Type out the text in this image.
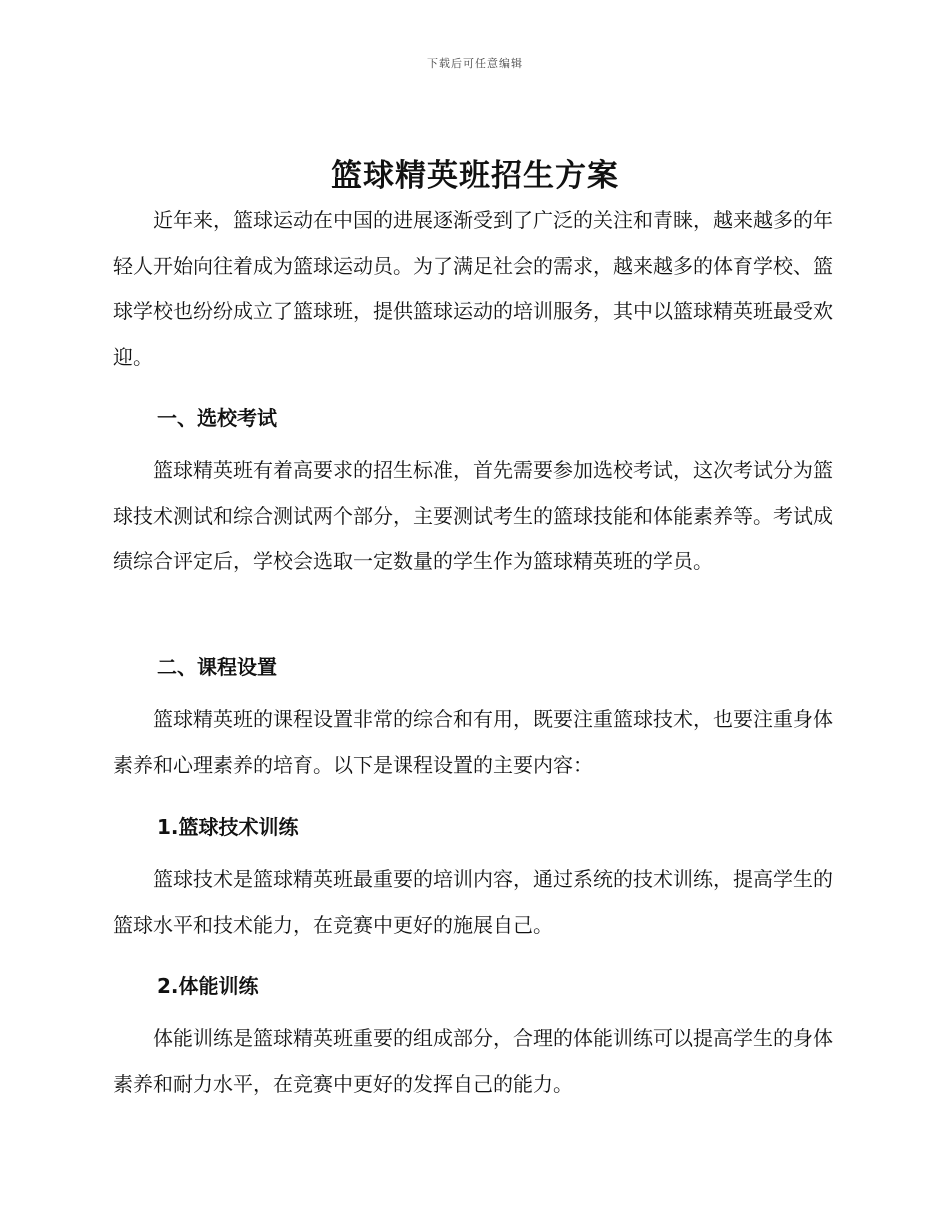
下载后可任意编辑
篮球精英班招生方案

近年来，篮球运动在中国的进展逐渐受到了广泛的关注和青睐，越来越多的年轻人开始向往着成为篮球运动员。为了满足社会的需求，越来越多的体育学校、篮球学校也纷纷成立了篮球班，提供篮球运动的培训服务，其中以篮球精英班最受欢迎。

一、选校考试

篮球精英班有着高要求的招生标准，首先需要参加选校考试，这次考试分为篮球技术测试和综合测试两个部分，主要测试考生的篮球技能和体能素养等。考试成绩综合评定后，学校会选取一定数量的学生作为篮球精英班的学员。

二、课程设置

篮球精英班的课程设置非常的综合和有用，既要注重篮球技术，也要注重身体素养和心理素养的培育。以下是课程设置的主要内容：

1.篮球技术训练

篮球技术是篮球精英班最重要的培训内容，通过系统的技术训练，提高学生的篮球水平和技术能力，在竞赛中更好的施展自己。

2.体能训练

体能训练是篮球精英班重要的组成部分，合理的体能训练可以提高学生的身体素养和耐力水平，在竞赛中更好的发挥自己的能力。
